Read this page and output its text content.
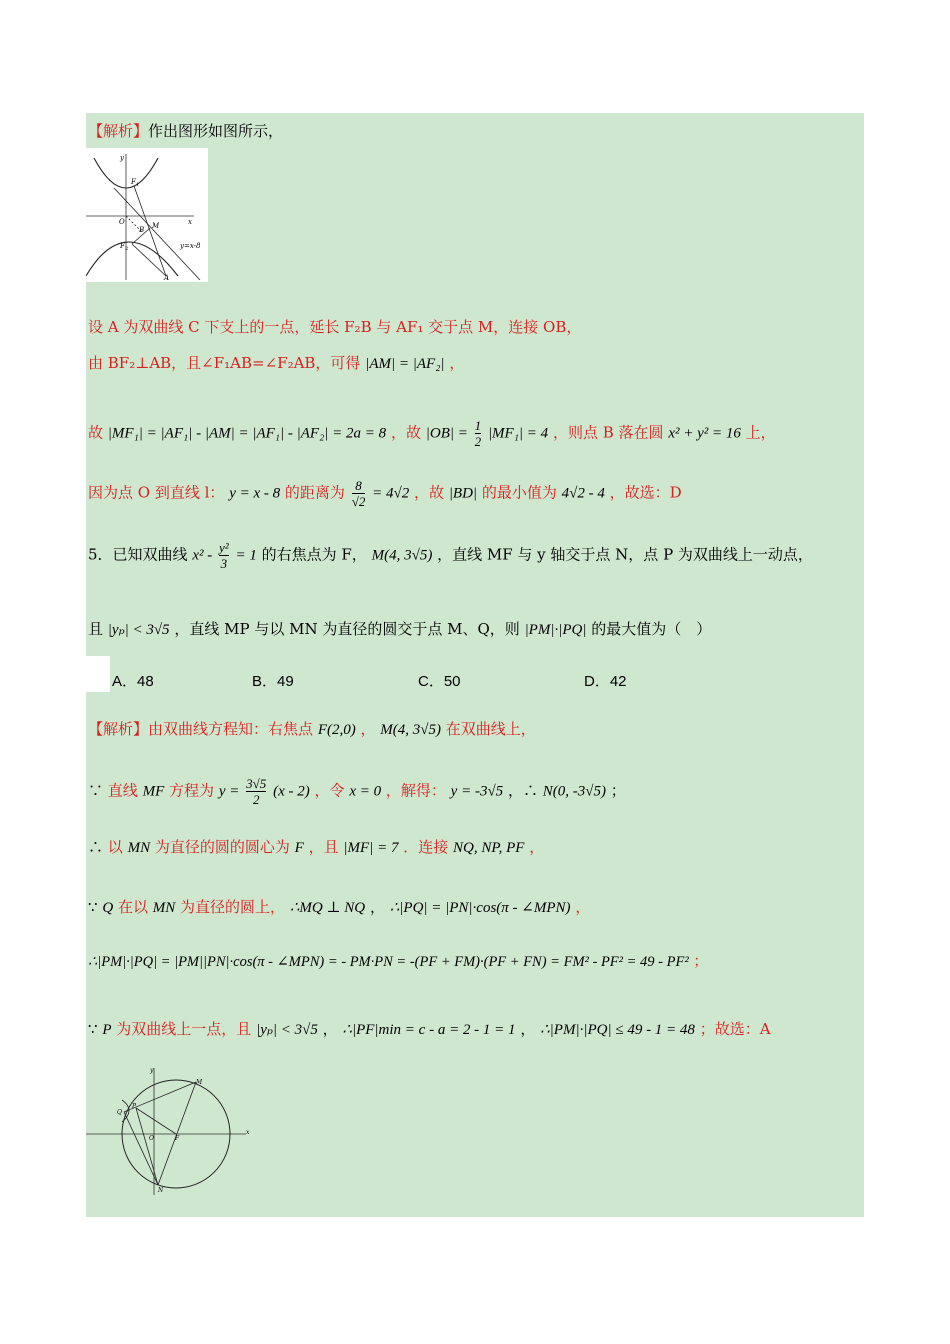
【解析】作出图形如图所示，
y
x
O
F 1
F 2
B M
A
y=x-8
设 A 为双曲线 C 下支上的一点，延长 F₂B 与 AF₁ 交于点 M，连接 OB，
由 BF₂⊥AB，且∠F₁AB=∠F₂AB，可得 |AM| = |AF₂| ，
故 |MF₁| = |AF₁| - |AM| = |AF₁| - |AF₂| = 2a = 8 ，故 $|OB| = \frac{1}{2} |MF_1| = 4$ ，则点 B 落在圆 x² + y² = 16 上，
因为点 O 到直线 l： y = x - 8 的距离为 $\frac{8}{√2} = 4√2$ ，故 |BD| 的最小值为 4√2 - 4 ，故选：D
5．已知双曲线 $x^2 - \frac{\text{y²}}{3} = 1$ 的右焦点为 F， M(4, 3√5) ，直线 MF 与 y 轴交于点 N，点 P 为双曲线上一动点，
且 |yₚ| < 3√5 ，直线 MP 与以 MN 为直径的圆交于点 M、Q，则 |PM|·|PQ| 的最大值为（　）
A．48	B．49	C．50	D．42
【解析】由双曲线方程知：右焦点 F(2,0) ， M(4, 3√5) 在双曲线上，
∵ 直线 MF 方程为 $y = \frac{3√5}{2} (x - 2)$ ，令 x = 0 ，解得： y = -3√5 ，∴ N(0, -3√5) ；
∴ 以 MN 为直径的圆的圆心为 F ，且 |MF| = 7 ．连接 NQ, NP, PF ，
∵ Q 在以 MN 为直径的圆上， ∴MQ ⊥ NQ ， ∴|PQ| = |PN|·cos(π - ∠MPN) ，
∴|PM|·|PQ| = |PM||PN|·cos(π - ∠MPN) = - PM·PN = -(PF + FM)·(PF + FN) = FM² - PF² = 49 - PF² ；
∵ P 为双曲线上一点，且 |yₚ| < 3√5 ， ∴|PF|min = c - a = 2 - 1 = 1 ， ∴|PM|·|PQ| ≤ 49 - 1 = 48 ；故选：A
y
x
M
Q
P
O	F
N
